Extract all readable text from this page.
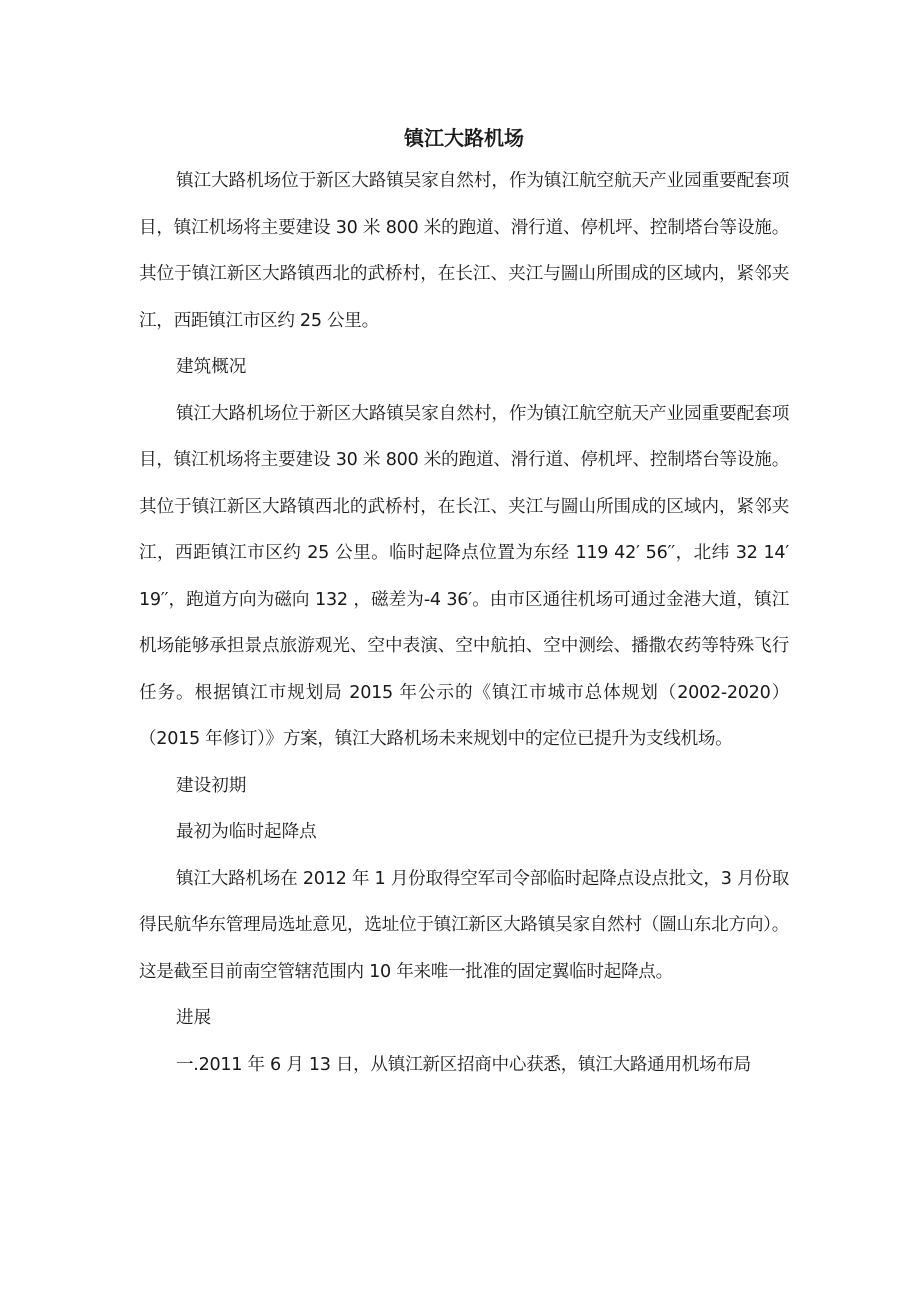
镇江大路机场

镇江大路机场位于新区大路镇吴家自然村，作为镇江航空航天产业园重要配套项目，镇江机场将主要建设 30 米 800 米的跑道、滑行道、停机坪、控制塔台等设施。其位于镇江新区大路镇西北的武桥村，在长江、夹江与圌山所围成的区域内，紧邻夹江，西距镇江市区约 25 公里。

建筑概况

镇江大路机场位于新区大路镇吴家自然村，作为镇江航空航天产业园重要配套项目，镇江机场将主要建设 30 米 800 米的跑道、滑行道、停机坪、控制塔台等设施。其位于镇江新区大路镇西北的武桥村，在长江、夹江与圌山所围成的区域内，紧邻夹江，西距镇江市区约 25 公里。临时起降点位置为东经 119 42′ 56′′，北纬 32 14′ 19′′，跑道方向为磁向 132 ，磁差为-4 36′。由市区通往机场可通过金港大道，镇江机场能够承担景点旅游观光、空中表演、空中航拍、空中测绘、播撒农药等特殊飞行任务。根据镇江市规划局 2015 年公示的《镇江市城市总体规划（2002-2020）（2015 年修订）》方案，镇江大路机场未来规划中的定位已提升为支线机场。

建设初期

最初为临时起降点

镇江大路机场在 2012 年 1 月份取得空军司令部临时起降点设点批文，3 月份取得民航华东管理局选址意见，选址位于镇江新区大路镇吴家自然村（圌山东北方向）。这是截至目前南空管辖范围内 10 年来唯一批准的固定翼临时起降点。

进展

一.2011 年 6 月 13 日，从镇江新区招商中心获悉，镇江大路通用机场布局
